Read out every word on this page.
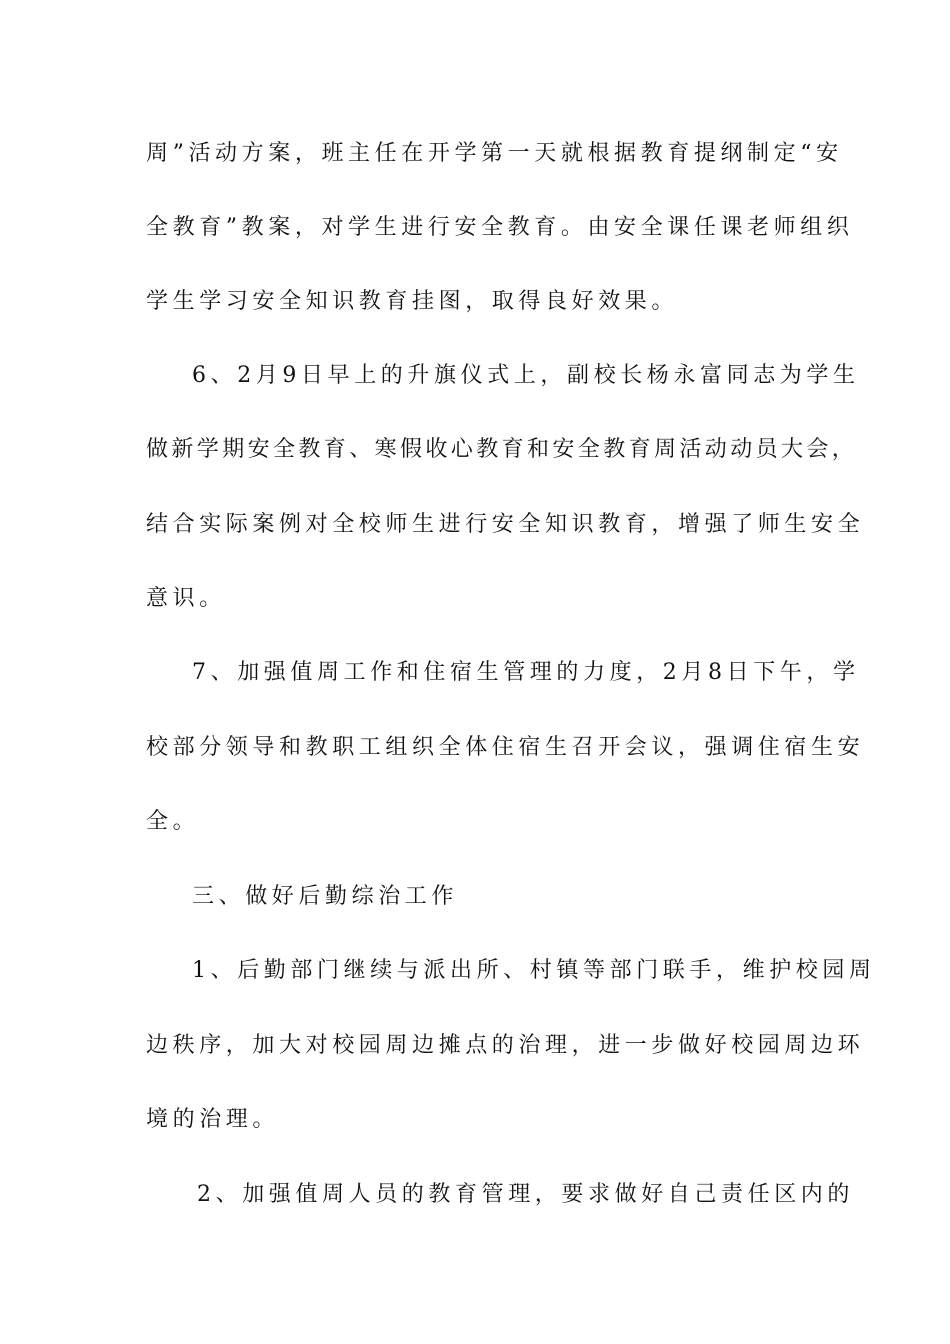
周”活动方案，班主任在开学第一天就根据教育提纲制定“安
全教育”教案，对学生进行安全教育。由安全课任课老师组织
学生学习安全知识教育挂图，取得良好效果。
6、2月9日早上的升旗仪式上，副校长杨永富同志为学生
做新学期安全教育、寒假收心教育和安全教育周活动动员大会，
结合实际案例对全校师生进行安全知识教育，增强了师生安全
意识。
7、加强值周工作和住宿生管理的力度，2月8日下午，学
校部分领导和教职工组织全体住宿生召开会议，强调住宿生安
全。
三、做好后勤综治工作
1、后勤部门继续与派出所、村镇等部门联手，维护校园周
边秩序，加大对校园周边摊点的治理，进一步做好校园周边环
境的治理。
2、加强值周人员的教育管理，要求做好自己责任区内的
